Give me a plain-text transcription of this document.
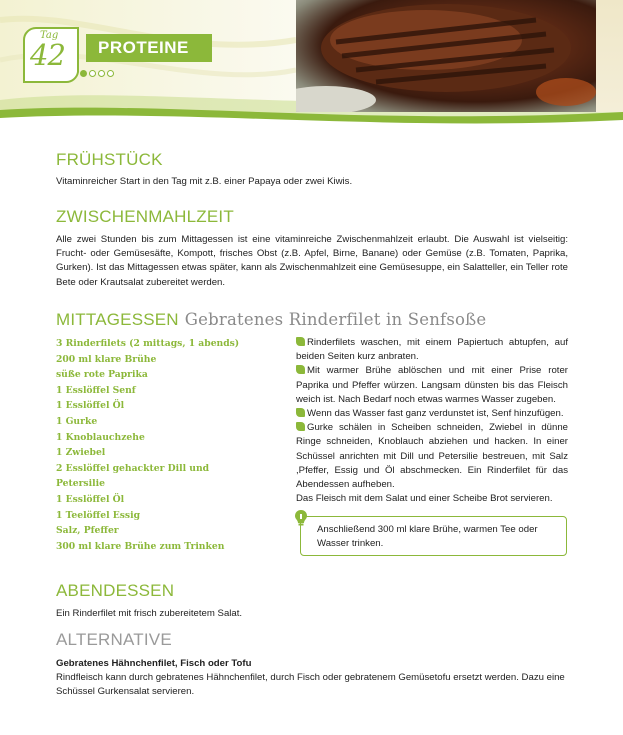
Tag
42	PROTEINE
FRÜHSTÜCK

Vitaminreicher Start in den Tag mit z.B. einer Papaya oder zwei Kiwis.

ZWISCHENMAHLZEIT

Alle zwei Stunden bis zum Mittagessen ist eine vitaminreiche Zwischenmahlzeit erlaubt. Die Auswahl ist vielseitig: Frucht- oder Gemüsesäfte, Kompott, frisches Obst (z.B. Apfel, Birne, Banane) oder Gemüse (z.B. Tomaten, Paprika, Gurken). Ist das Mittagessen etwas später, kann als Zwischenmahlzeit eine Gemüsesuppe, ein Salatteller, ein Teller rote Bete oder Krautsalat zubereitet werden.

MITTAGESSEN Gebratenes Rinderfilet in Senfsoße
3 Rinderfilets (2 mittags, 1 abends)
200 ml klare Brühe
süße rote Paprika
1 Esslöffel Senf
1 Esslöffel Öl
1 Gurke
1 Knoblauchzehe
1 Zwiebel
2 Esslöffel gehackter Dill und
Petersilie
1 Esslöffel Öl
1 Teelöffel Essig
Salz, Pfeffer
300 ml klare Brühe zum Trinken

Rinderfilets waschen, mit einem Papiertuch abtupfen, auf beiden Seiten kurz anbraten.

Mit warmer Brühe ablöschen und mit einer Prise roter Paprika und Pfeffer würzen. Langsam dünsten bis das Fleisch weich ist. Nach Bedarf noch etwas warmes Wasser zugeben.

Wenn das Wasser fast ganz verdunstet ist, Senf hinzufügen.

Gurke schälen in Scheiben schneiden, Zwiebel in dünne Ringe schneiden, Knoblauch abziehen und hacken. In einer Schüssel anrichten mit Dill und Petersilie bestreuen, mit Salz ,Pfeffer, Essig und Öl abschmecken. Ein Rinderfilet für das Abendessen aufheben.

Das Fleisch mit dem Salat und einer Scheibe Brot servieren.

Anschließend 300 ml klare Brühe, warmen Tee oder Wasser trinken.
ABENDESSEN

Ein Rinderfilet mit frisch zubereitetem Salat.

ALTERNATIVE

Gebratenes Hähnchenfilet, Fisch oder Tofu

Rindfleisch kann durch gebratenes Hähnchenfilet, durch Fisch oder gebratenem Gemüsetofu ersetzt werden. Dazu eine Schüssel Gurkensalat servieren.
